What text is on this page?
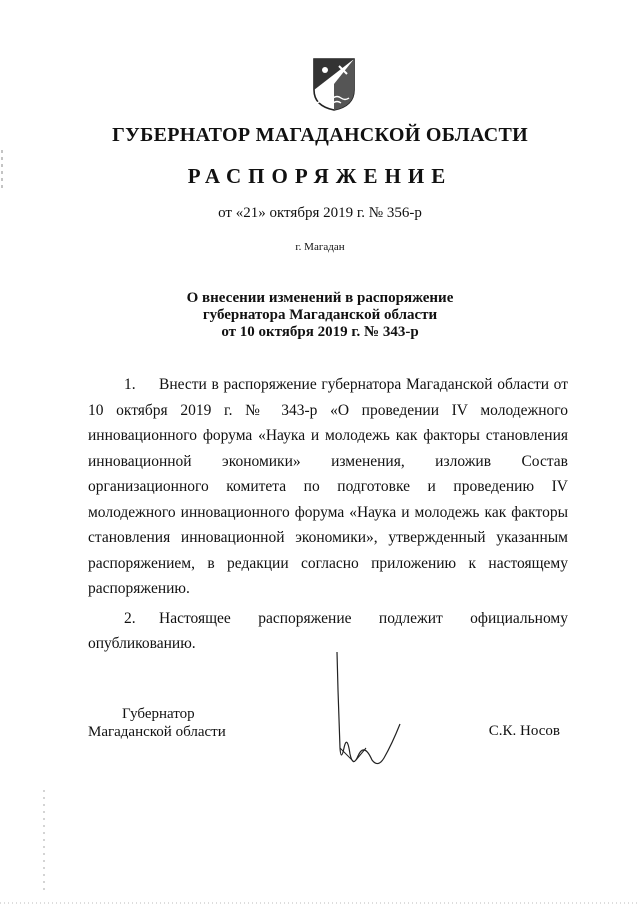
ГУБЕРНАТОР МАГАДАНСКОЙ ОБЛАСТИ
РАСПОРЯЖЕНИЕ
от «21» октября 2019 г. № 356-р
г. Магадан
О внесении изменений в распоряжение
губернатора Магаданской области
от 10 октября 2019 г. № 343-р

1. Внести в распоряжение губернатора Магаданской области от 10 октября 2019 г. № 343-р «О проведении IV молодежного инновационного форума «Наука и молодежь как факторы становления инновационной экономики» изменения, изложив Состав организационного комитета по подготовке и проведению IV молодежного инновационного форума «Наука и молодежь как факторы становления инновационной экономики», утвержденный указанным распоряжением, в редакции согласно приложению к настоящему распоряжению.

2. Настоящее распоряжение подлежит официальному опубликованию.

Губернатор
Магаданской области	С.К. Носов
